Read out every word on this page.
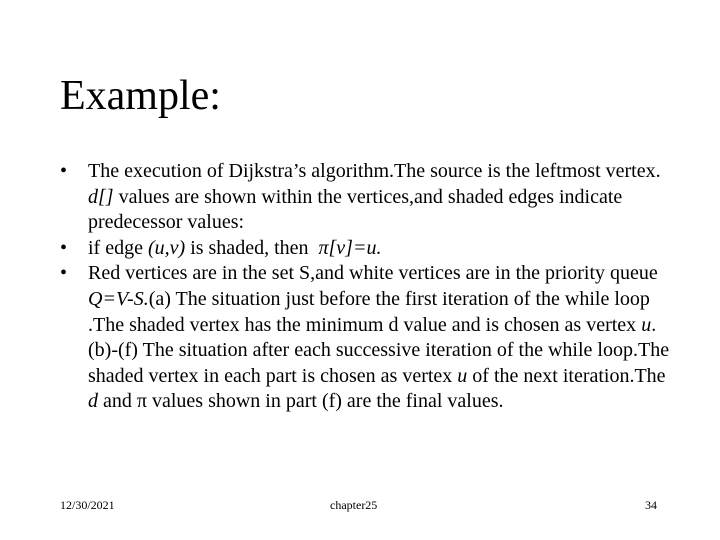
Example:
• The execution of Dijkstra’s algorithm.The source is the leftmost vertex. d[] values are shown within the vertices,and shaded edges indicate predecessor values:
• if edge (u,v) is shaded, then  π[v]=u.
• Red vertices are in the set S,and white vertices are in the priority queue Q=V-S.(a) The situation just before the first iteration of the while loop .The shaded vertex has the minimum d value and is chosen as vertex u.(b)-(f) The situation after each successive iteration of the while loop.The shaded vertex in each part is chosen as vertex u of the next iteration.The d and π values shown in part (f) are the final values.
12/30/2021	chapter25	34
